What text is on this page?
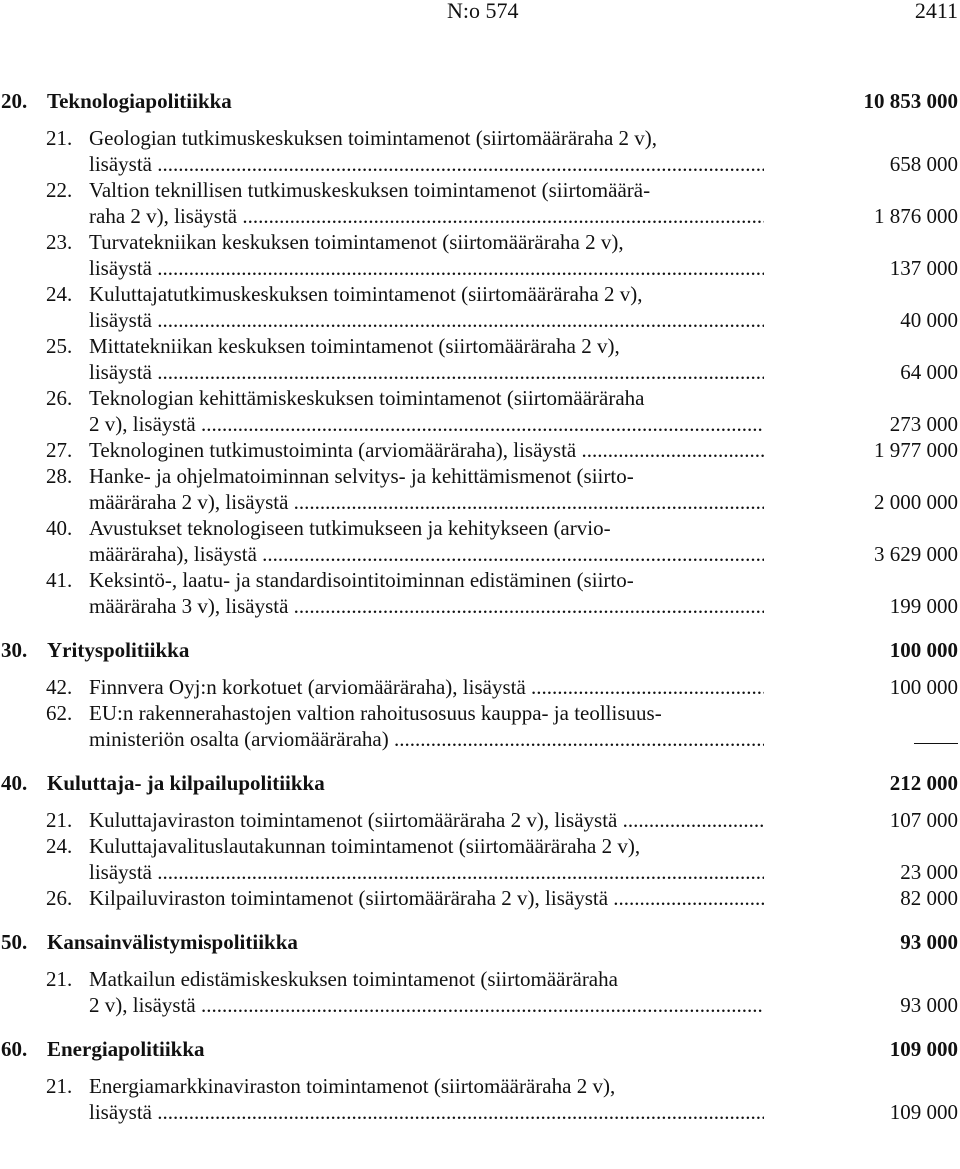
N:o 574	2411
20. Teknologiapolitiikka	10 853 000
21. Geologian tutkimuskeskuksen toimintamenot (siirtomääräraha 2 v),
lisäystä .....	658 000
22. Valtion teknillisen tutkimuskeskuksen toimintamenot (siirtomäärä-
raha 2 v), lisäystä .....	1 876 000
23. Turvatekniikan keskuksen toimintamenot (siirtomääräraha 2 v),
lisäystä .....	137 000
24. Kuluttajatutkimuskeskuksen toimintamenot (siirtomääräraha 2 v),
lisäystä .....	40 000
25. Mittatekniikan keskuksen toimintamenot (siirtomääräraha 2 v),
lisäystä .....	64 000
26. Teknologian kehittämiskeskuksen toimintamenot (siirtomääräraha
2 v), lisäystä .....	273 000
27. Teknologinen tutkimustoiminta (arviomääräraha), lisäystä .....	1 977 000
28. Hanke- ja ohjelmatoiminnan selvitys- ja kehittämismenot (siirto-
määräraha 2 v), lisäystä .....	2 000 000
40. Avustukset teknologiseen tutkimukseen ja kehitykseen (arvio-
määräraha), lisäystä .....	3 629 000
41. Keksintö-, laatu- ja standardisointitoiminnan edistäminen (siirto-
määräraha 3 v), lisäystä .....	199 000
30. Yrityspolitiikka	100 000
42. Finnvera Oyj:n korkotuet (arviomääräraha), lisäystä .....	100 000
62. EU:n rakennerahastojen valtion rahoitusosuus kauppa- ja teollisuus-
ministeriön osalta (arviomääräraha) .....
40. Kuluttaja- ja kilpailupolitiikka	212 000
21. Kuluttajaviraston toimintamenot (siirtomääräraha 2 v), lisäystä .....	107 000
24. Kuluttajavalituslautakunnan toimintamenot (siirtomääräraha 2 v),
lisäystä .....	23 000
26. Kilpailuviraston toimintamenot (siirtomääräraha 2 v), lisäystä .....	82 000
50. Kansainvälistymispolitiikka	93 000
21. Matkailun edistämiskeskuksen toimintamenot (siirtomääräraha
2 v), lisäystä .....	93 000
60. Energiapolitiikka	109 000
21. Energiamarkkinaviraston toimintamenot (siirtomääräraha 2 v),
lisäystä .....	109 000
